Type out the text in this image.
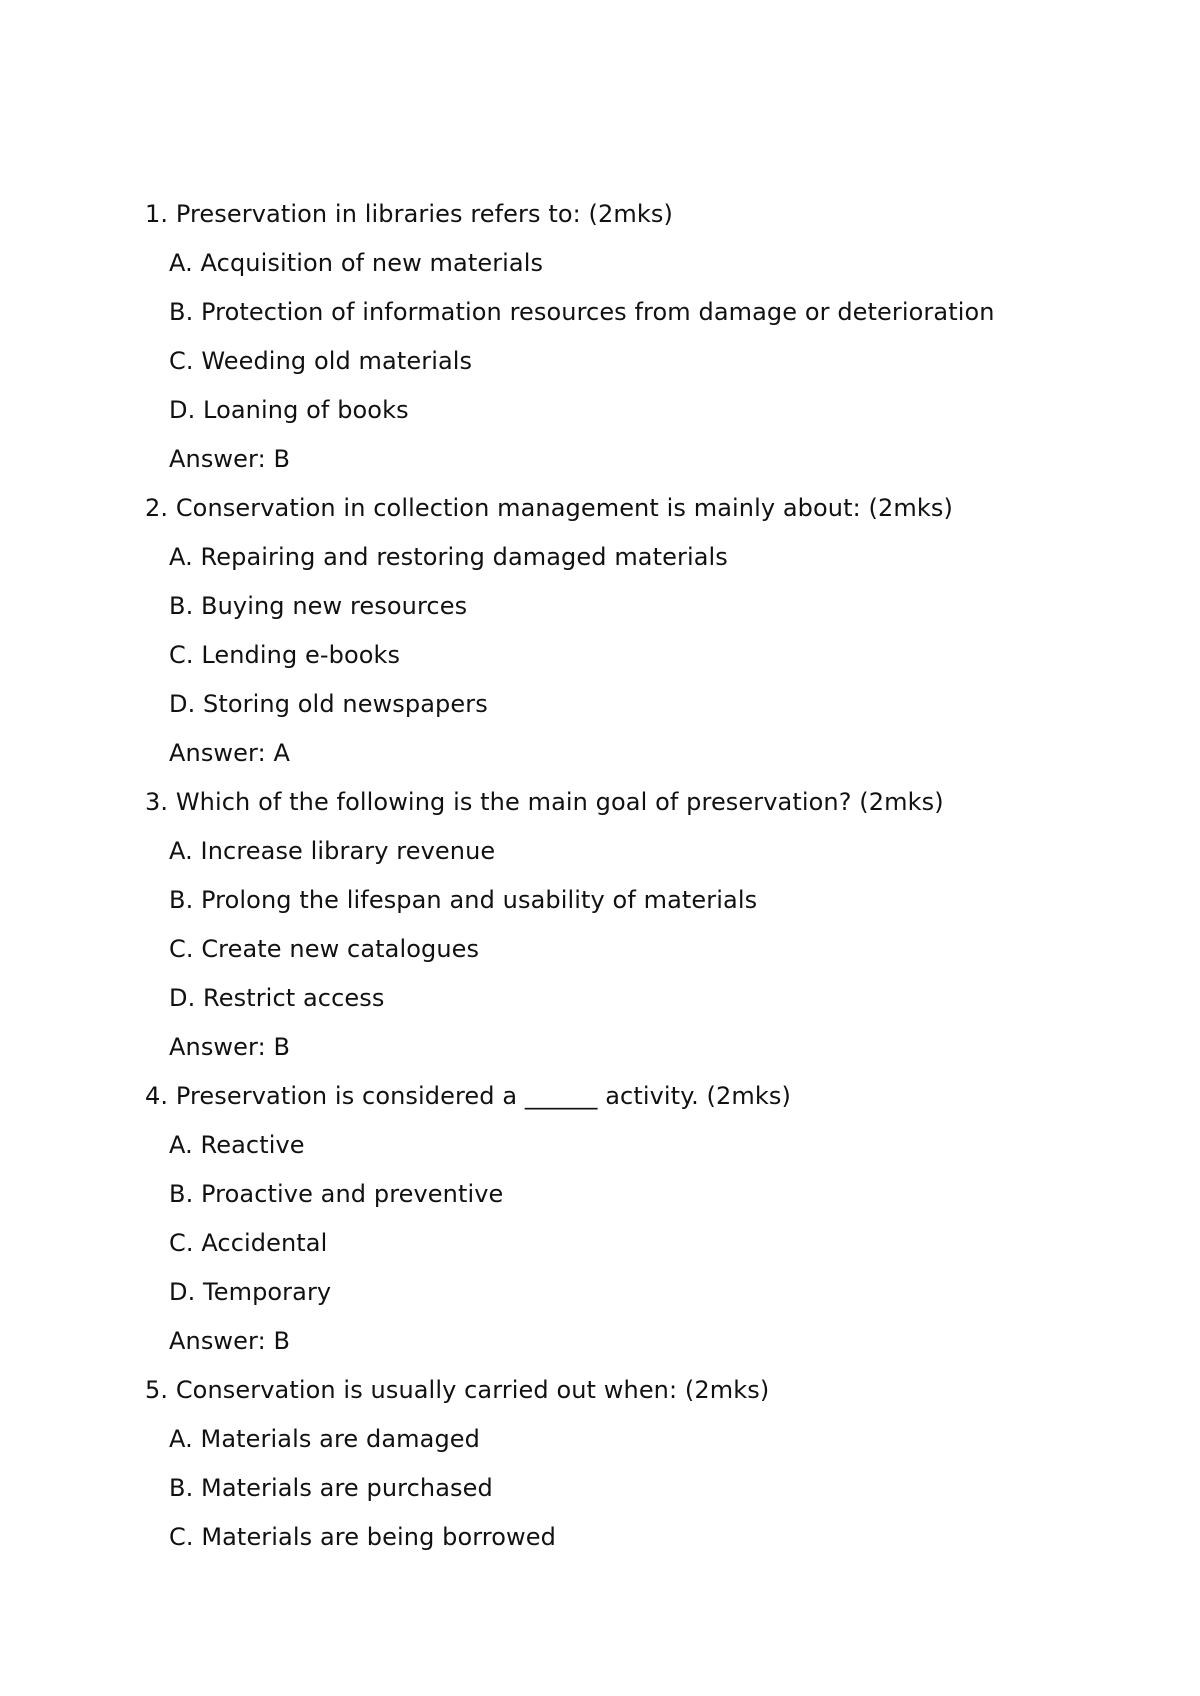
1. Preservation in libraries refers to: (2mks)
A. Acquisition of new materials
B. Protection of information resources from damage or deterioration
C. Weeding old materials
D. Loaning of books
Answer: B
2. Conservation in collection management is mainly about: (2mks)
A. Repairing and restoring damaged materials
B. Buying new resources
C. Lending e-books
D. Storing old newspapers
Answer: A
3. Which of the following is the main goal of preservation? (2mks)
A. Increase library revenue
B. Prolong the lifespan and usability of materials
C. Create new catalogues
D. Restrict access
Answer: B
4. Preservation is considered a ______ activity. (2mks)
A. Reactive
B. Proactive and preventive
C. Accidental
D. Temporary
Answer: B
5. Conservation is usually carried out when: (2mks)
A. Materials are damaged
B. Materials are purchased
C. Materials are being borrowed
